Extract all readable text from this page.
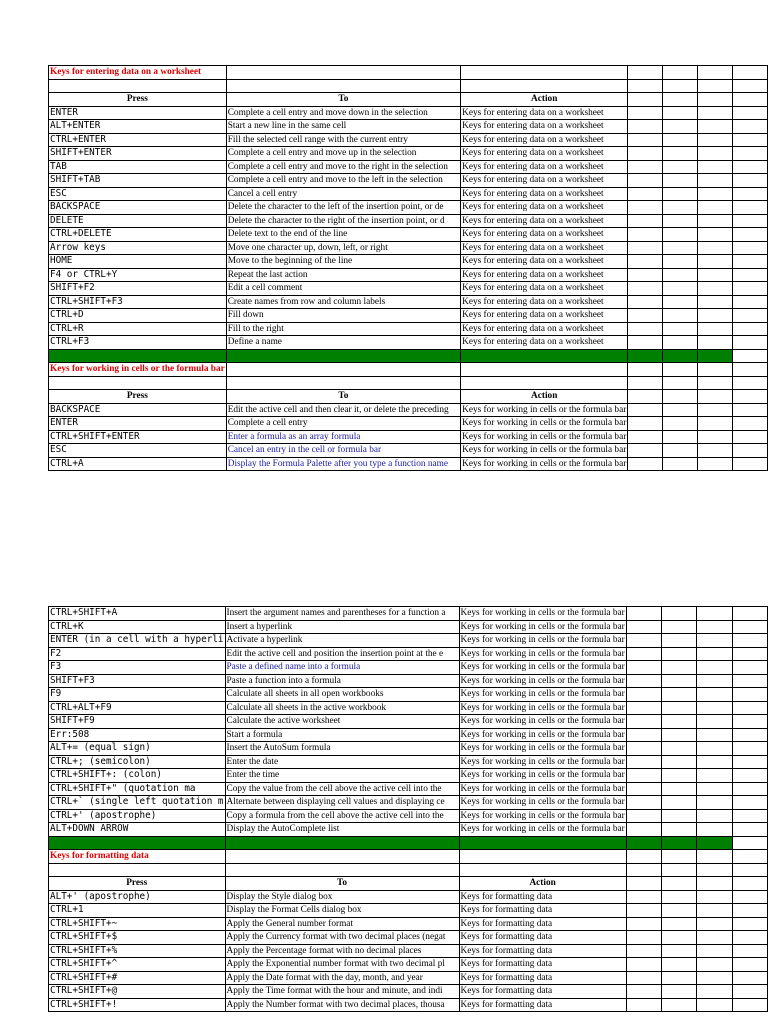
Keys for entering data on a worksheet						

Press	To	Action				
ENTER	Complete a cell entry and move down in the selection	Keys for entering data on a worksheet				
ALT+ENTER	Start a new line in the same cell	Keys for entering data on a worksheet				
CTRL+ENTER	Fill the selected cell range with the current entry	Keys for entering data on a worksheet				
SHIFT+ENTER	Complete a cell entry and move up in the selection	Keys for entering data on a worksheet				
TAB	Complete a cell entry and move to the right in the selection	Keys for entering data on a worksheet				
SHIFT+TAB	Complete a cell entry and move to the left in the selection	Keys for entering data on a worksheet				
ESC	Cancel a cell entry	Keys for entering data on a worksheet				
BACKSPACE	Delete the character to the left of the insertion point, or de	Keys for entering data on a worksheet				
DELETE	Delete the character to the right of the insertion point, or d	Keys for entering data on a worksheet				
CTRL+DELETE	Delete text to the end of the line	Keys for entering data on a worksheet				
Arrow keys	Move one character up, down, left, or right	Keys for entering data on a worksheet				
HOME	Move to the beginning of the line	Keys for entering data on a worksheet				
F4 or CTRL+Y	Repeat the last action	Keys for entering data on a worksheet				
SHIFT+F2	Edit a cell comment	Keys for entering data on a worksheet				
CTRL+SHIFT+F3	Create names from row and column labels	Keys for entering data on a worksheet				
CTRL+D	Fill down	Keys for entering data on a worksheet				
CTRL+R	Fill to the right	Keys for entering data on a worksheet				
CTRL+F3	Define a name	Keys for entering data on a worksheet				

Keys for working in cells or the formula bar						

Press	To	Action				
BACKSPACE	Edit the active cell and then clear it, or delete the preceding	Keys for working in cells or the formula bar				
ENTER	Complete a cell entry	Keys for working in cells or the formula bar				
CTRL+SHIFT+ENTER	Enter a formula as an array formula	Keys for working in cells or the formula bar				
ESC	Cancel an entry in the cell or formula bar	Keys for working in cells or the formula bar				
CTRL+A	Display the Formula Palette after you type a function name	Keys for working in cells or the formula bar				
CTRL+SHIFT+A	Insert the argument names and parentheses for a function a	Keys for working in cells or the formula bar				
CTRL+K	Insert a hyperlink	Keys for working in cells or the formula bar				
ENTER (in a cell with a hyperli	Activate a hyperlink	Keys for working in cells or the formula bar				
F2	Edit the active cell and position the insertion point at the e	Keys for working in cells or the formula bar				
F3	Paste a defined name into a formula	Keys for working in cells or the formula bar				
SHIFT+F3	Paste a function into a formula	Keys for working in cells or the formula bar				
F9	Calculate all sheets in all open workbooks	Keys for working in cells or the formula bar				
CTRL+ALT+F9	Calculate all sheets in the active workbook	Keys for working in cells or the formula bar				
SHIFT+F9	Calculate the active worksheet	Keys for working in cells or the formula bar				
Err:508	Start a formula	Keys for working in cells or the formula bar				
ALT+= (equal sign)	Insert the AutoSum formula	Keys for working in cells or the formula bar				
CTRL+; (semicolon)	Enter the date	Keys for working in cells or the formula bar				
CTRL+SHIFT+: (colon)	Enter the time	Keys for working in cells or the formula bar				
CTRL+SHIFT+" (quotation ma	Copy the value from the cell above the active cell into the	Keys for working in cells or the formula bar				
CTRL+` (single left quotation m	Alternate between displaying cell values and displaying ce	Keys for working in cells or the formula bar				
CTRL+' (apostrophe)	Copy a formula from the cell above the active cell into the	Keys for working in cells or the formula bar				
ALT+DOWN ARROW	Display the AutoComplete list	Keys for working in cells or the formula bar				

Keys for formatting data						

Press	To	Action				
ALT+' (apostrophe)	Display the Style dialog box	Keys for formatting data				
CTRL+1	Display the Format Cells dialog box	Keys for formatting data				
CTRL+SHIFT+~	Apply the General number format	Keys for formatting data				
CTRL+SHIFT+$	Apply the Currency format with two decimal places (negat	Keys for formatting data				
CTRL+SHIFT+%	Apply the Percentage format with no decimal places	Keys for formatting data				
CTRL+SHIFT+^	Apply the Exponential number format with two decimal pl	Keys for formatting data				
CTRL+SHIFT+#	Apply the Date format with the day, month, and year	Keys for formatting data				
CTRL+SHIFT+@	Apply the Time format with the hour and minute, and indi	Keys for formatting data				
CTRL+SHIFT+!	Apply the Number format with two decimal places, thousa	Keys for formatting data				
